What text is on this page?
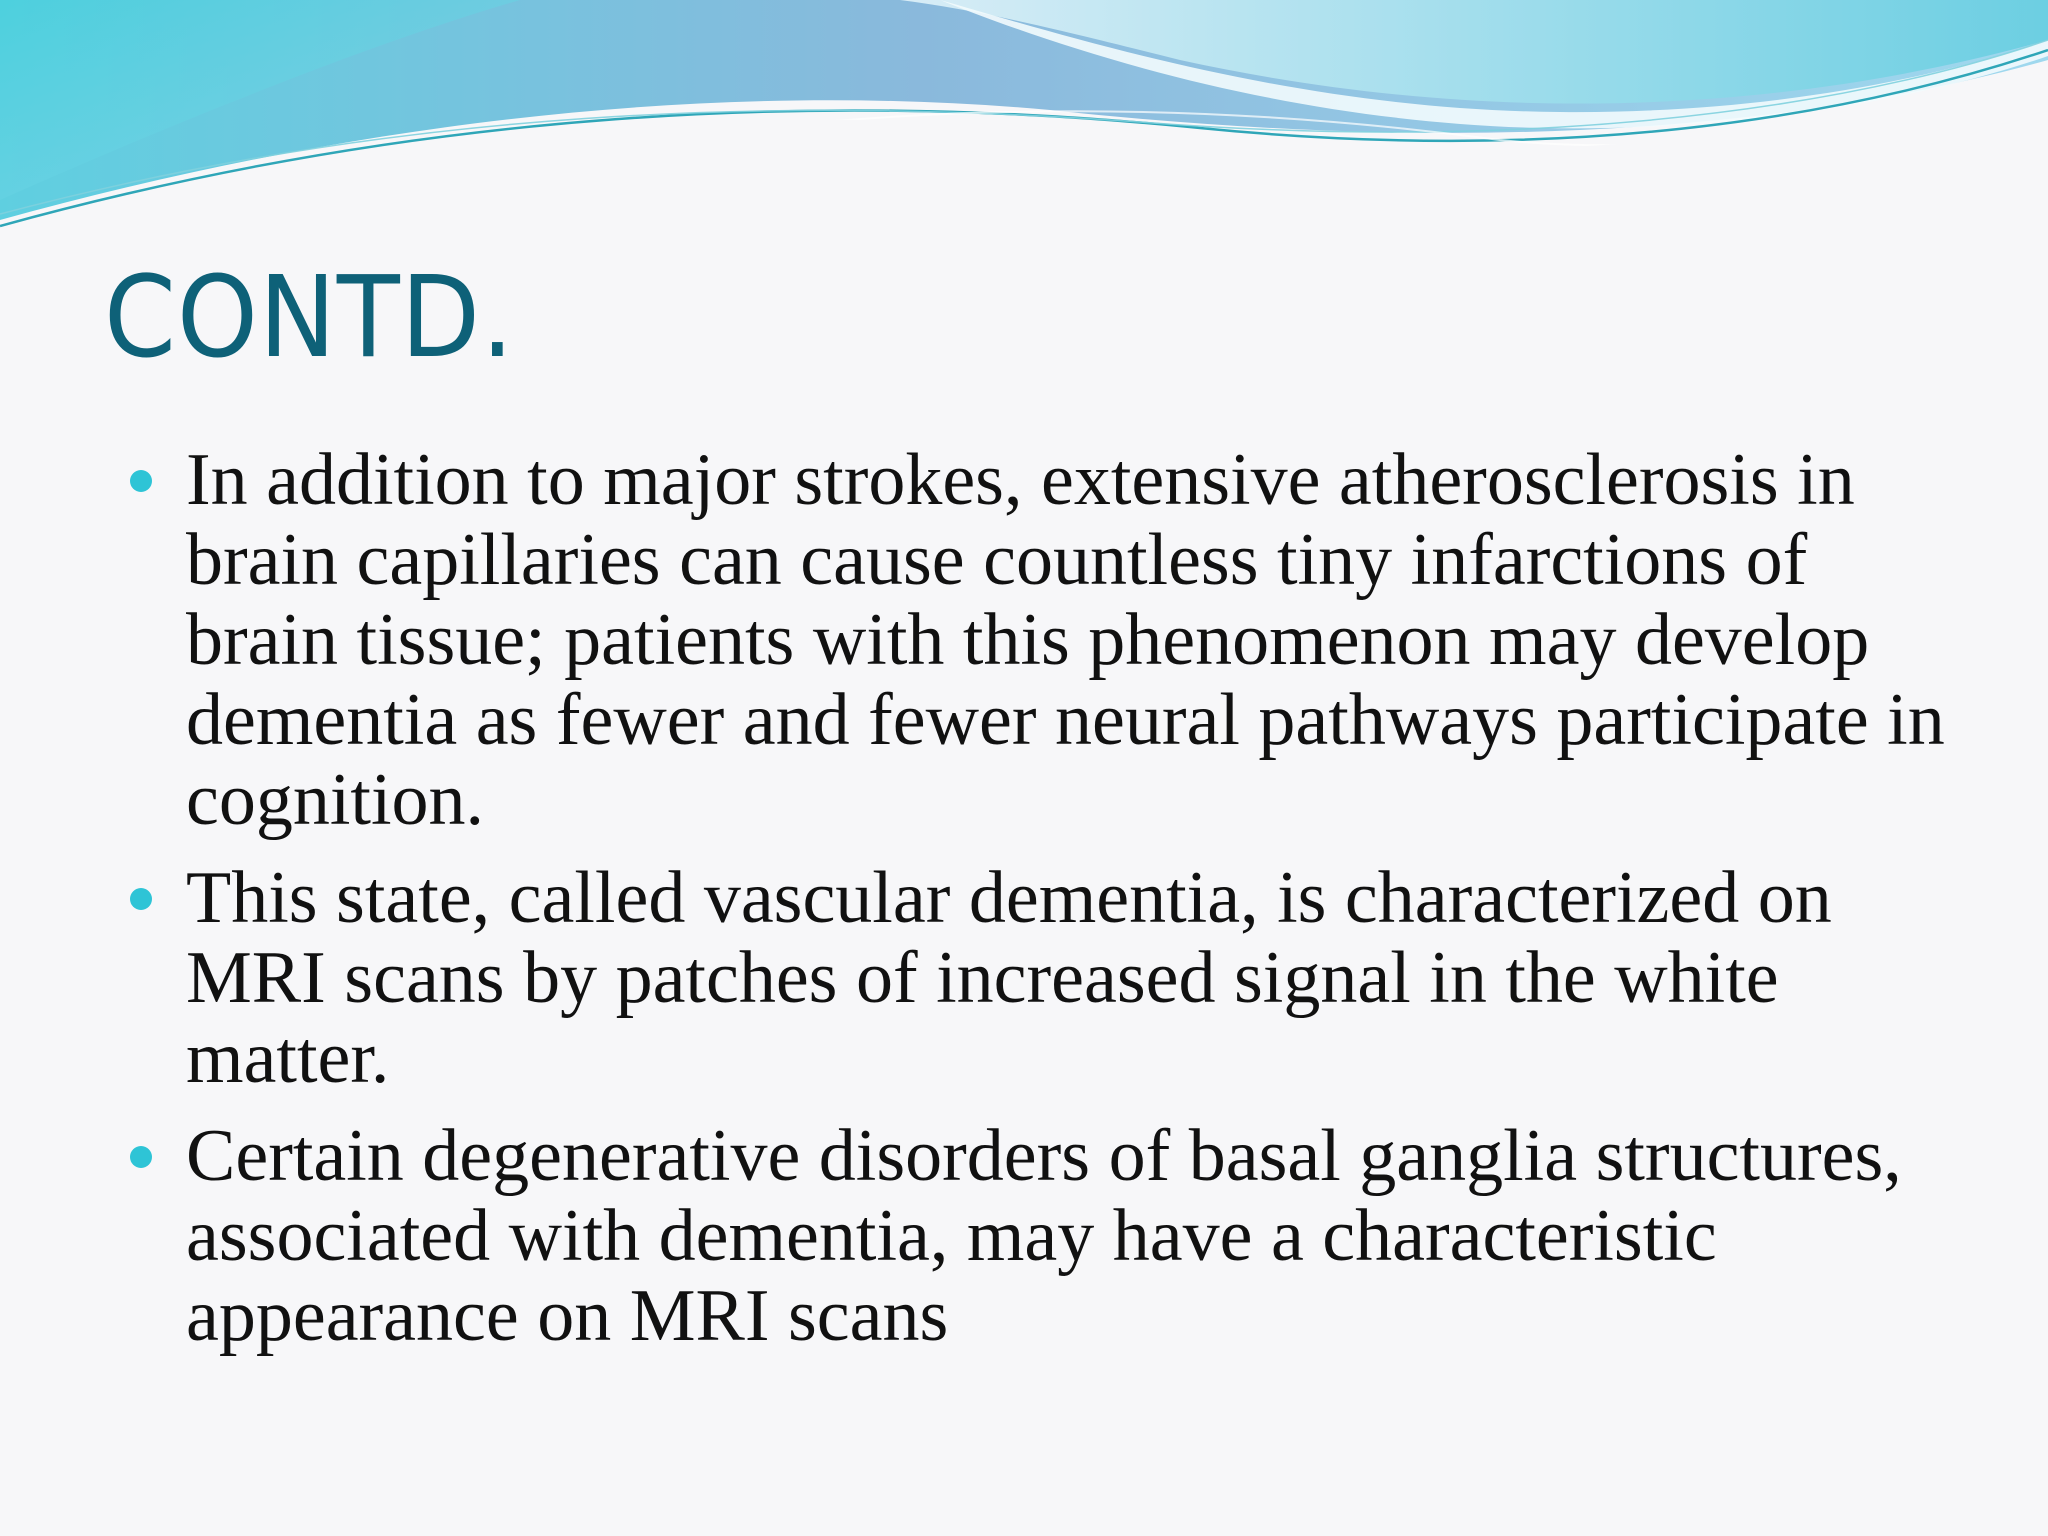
CONTD.
In addition to major strokes, extensive atherosclerosis in brain capillaries can cause countless tiny infarctions of brain tissue; patients with this phenomenon may develop dementia as fewer and fewer neural pathways participate in cognition.
This state, called vascular dementia, is characterized on MRI scans by patches of increased signal in the white matter.
Certain degenerative disorders of basal ganglia structures, associated with dementia, may have a characteristic appearance on MRI scans
